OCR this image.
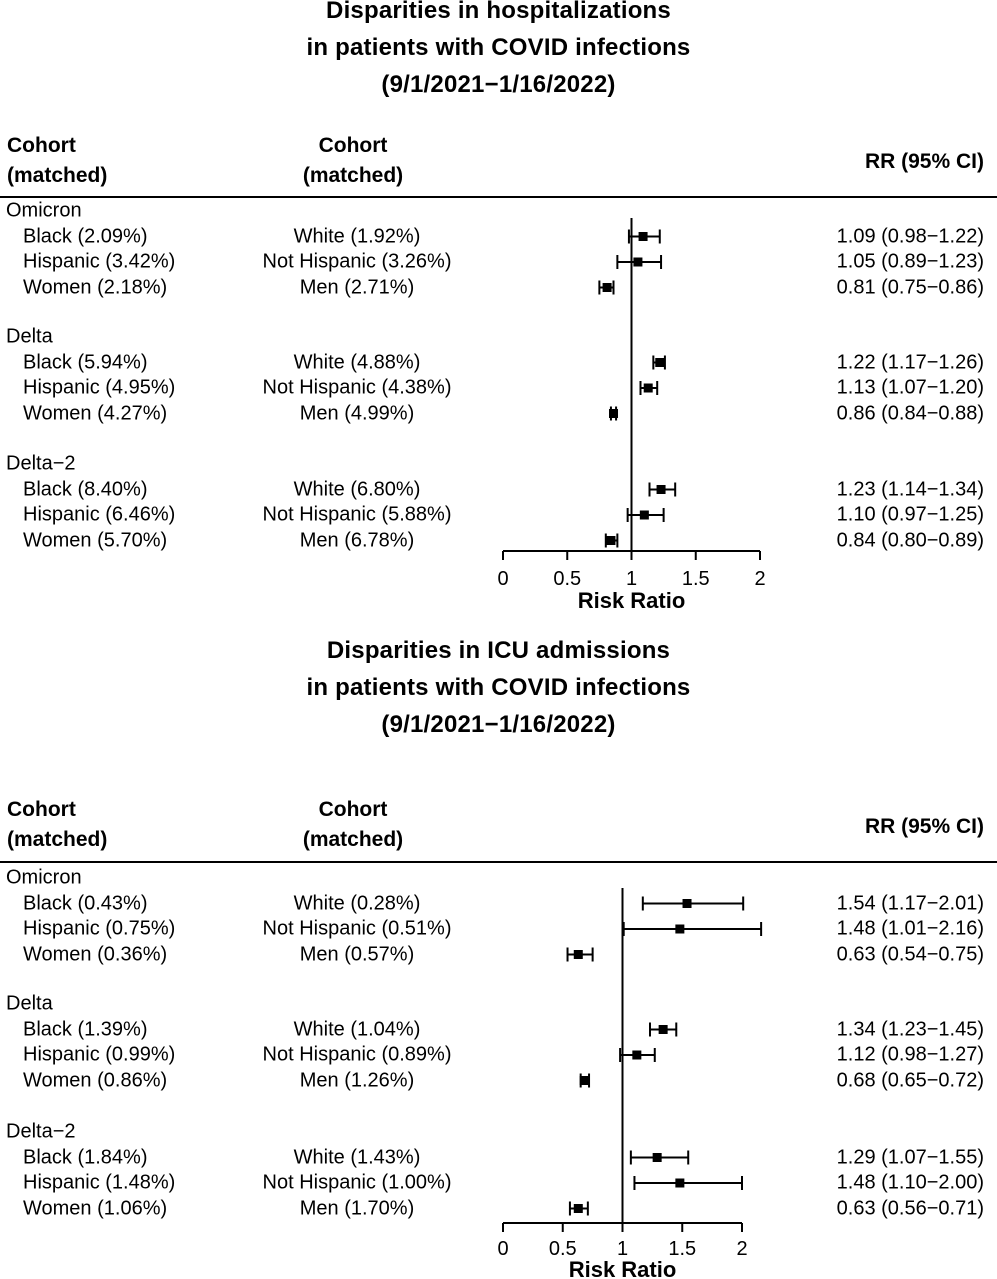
0 0.5 1 1.5 2
Risk Ratio
0 0.5 1 1.5 2
Risk Ratio
Disparities in hospitalizations
in patients with COVID infections
(9/1/2021−1/16/2022)
Cohort
(matched)
Cohort
(matched)
RR (95% CI)
Omicron
Black (2.09%)	White (1.92%)	1.09 (0.98−1.22)
Hispanic (3.42%)	Not Hispanic (3.26%)	1.05 (0.89−1.23)
Women (2.18%)	Men (2.71%)	0.81 (0.75−0.86)
Delta
Black (5.94%)	White (4.88%)	1.22 (1.17−1.26)
Hispanic (4.95%)	Not Hispanic (4.38%)	1.13 (1.07−1.20)
Women (4.27%)	Men (4.99%)	0.86 (0.84−0.88)
Delta−2
Black (8.40%)	White (6.80%)	1.23 (1.14−1.34)
Hispanic (6.46%)	Not Hispanic (5.88%)	1.10 (0.97−1.25)
Women (5.70%)	Men (6.78%)	0.84 (0.80−0.89)
Disparities in ICU admissions
in patients with COVID infections
(9/1/2021−1/16/2022)
Cohort
(matched)
Cohort
(matched)
RR (95% CI)
Omicron
Black (0.43%)	White (0.28%)	1.54 (1.17−2.01)
Hispanic (0.75%)	Not Hispanic (0.51%)	1.48 (1.01−2.16)
Women (0.36%)	Men (0.57%)	0.63 (0.54−0.75)
Delta
Black (1.39%)	White (1.04%)	1.34 (1.23−1.45)
Hispanic (0.99%)	Not Hispanic (0.89%)	1.12 (0.98−1.27)
Women (0.86%)	Men (1.26%)	0.68 (0.65−0.72)
Delta−2
Black (1.84%)	White (1.43%)	1.29 (1.07−1.55)
Hispanic (1.48%)	Not Hispanic (1.00%)	1.48 (1.10−2.00)
Women (1.06%)	Men (1.70%)	0.63 (0.56−0.71)
